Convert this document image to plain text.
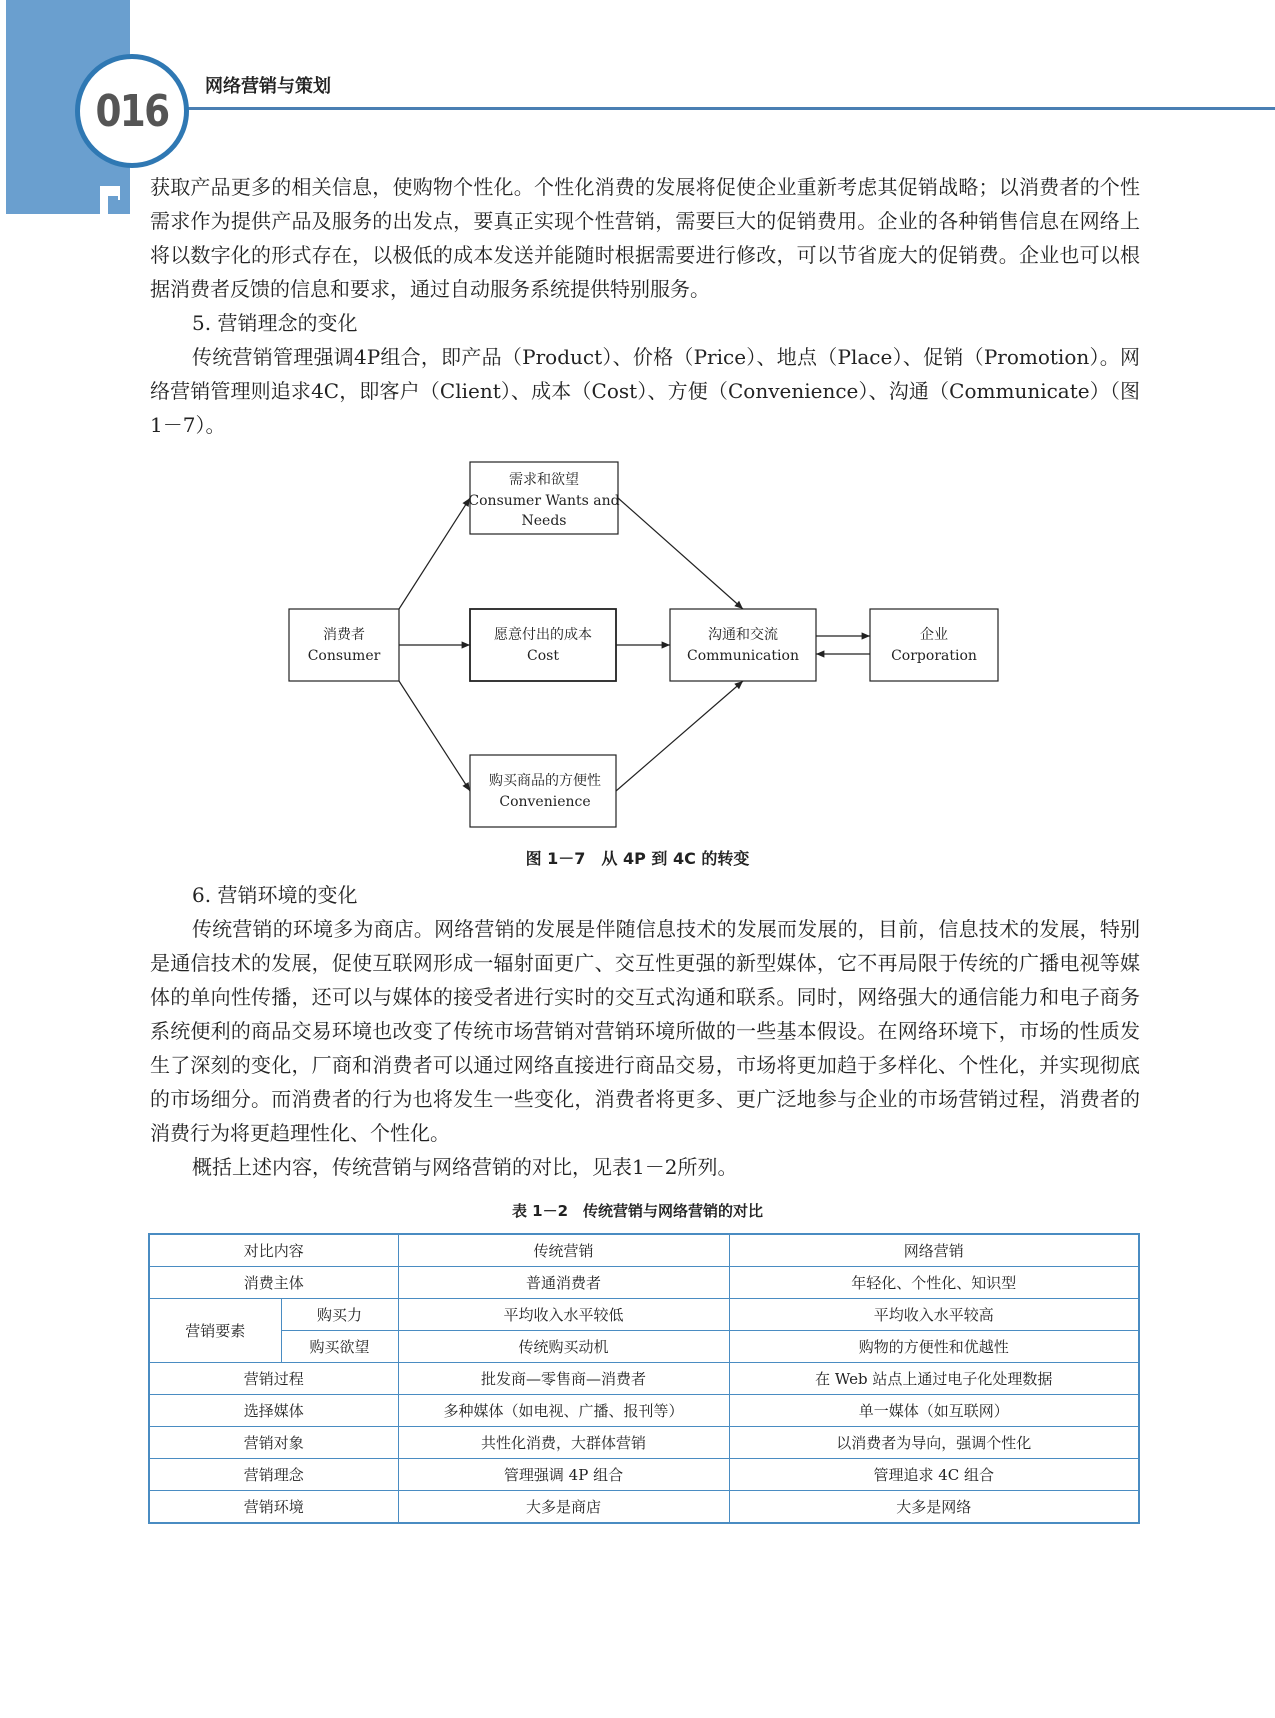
016 网络营销与策划

获取产品更多的相关信息，使购物个性化。个性化消费的发展将促使企业重新考虑其促销战略；以消费者的个性需求作为提供产品及服务的出发点，要真正实现个性营销，需要巨大的促销费用。企业的各种销售信息在网络上将以数字化的形式存在，以极低的成本发送并能随时根据需要进行修改，可以节省庞大的促销费。企业也可以根据消费者反馈的信息和要求，通过自动服务系统提供特别服务。

5. 营销理念的变化

传统营销管理强调4P组合，即产品（Product）、价格（Price）、地点（Place）、促销（Promotion）。网络营销管理则追求4C，即客户（Client）、成本（Cost）、方便（Convenience）、沟通（Communicate）（图1－7）。

需求和欲望
Consumer Wants and
Needs
消费者
Consumer
愿意付出的成本
Cost
沟通和交流
Communication
企业
Corporation
购买商品的方便性
Convenience
图 1－7　从 4P 到 4C 的转变

6. 营销环境的变化

传统营销的环境多为商店。网络营销的发展是伴随信息技术的发展而发展的，目前，信息技术的发展，特别是通信技术的发展，促使互联网形成一辐射面更广、交互性更强的新型媒体，它不再局限于传统的广播电视等媒体的单向性传播，还可以与媒体的接受者进行实时的交互式沟通和联系。同时，网络强大的通信能力和电子商务系统便利的商品交易环境也改变了传统市场营销对营销环境所做的一些基本假设。在网络环境下，市场的性质发生了深刻的变化，厂商和消费者可以通过网络直接进行商品交易，市场将更加趋于多样化、个性化，并实现彻底的市场细分。而消费者的行为也将发生一些变化，消费者将更多、更广泛地参与企业的市场营销过程，消费者的消费行为将更趋理性化、个性化。

概括上述内容，传统营销与网络营销的对比，见表1－2所列。

表 1－2　传统营销与网络营销的对比
对比内容		传统营销	网络营销
消费主体		普通消费者	年轻化、个性化、知识型
营销要素	购买力	平均收入水平较低	平均收入水平较高
	购买欲望	传统购买动机	购物的方便性和优越性
营销过程		批发商—零售商—消费者	在 Web 站点上通过电子化处理数据
选择媒体		多种媒体（如电视、广播、报刊等）	单一媒体（如互联网）
营销对象		共性化消费，大群体营销	以消费者为导向，强调个性化
营销理念		管理强调 4P 组合	管理追求 4C 组合
营销环境		大多是商店	大多是网络
